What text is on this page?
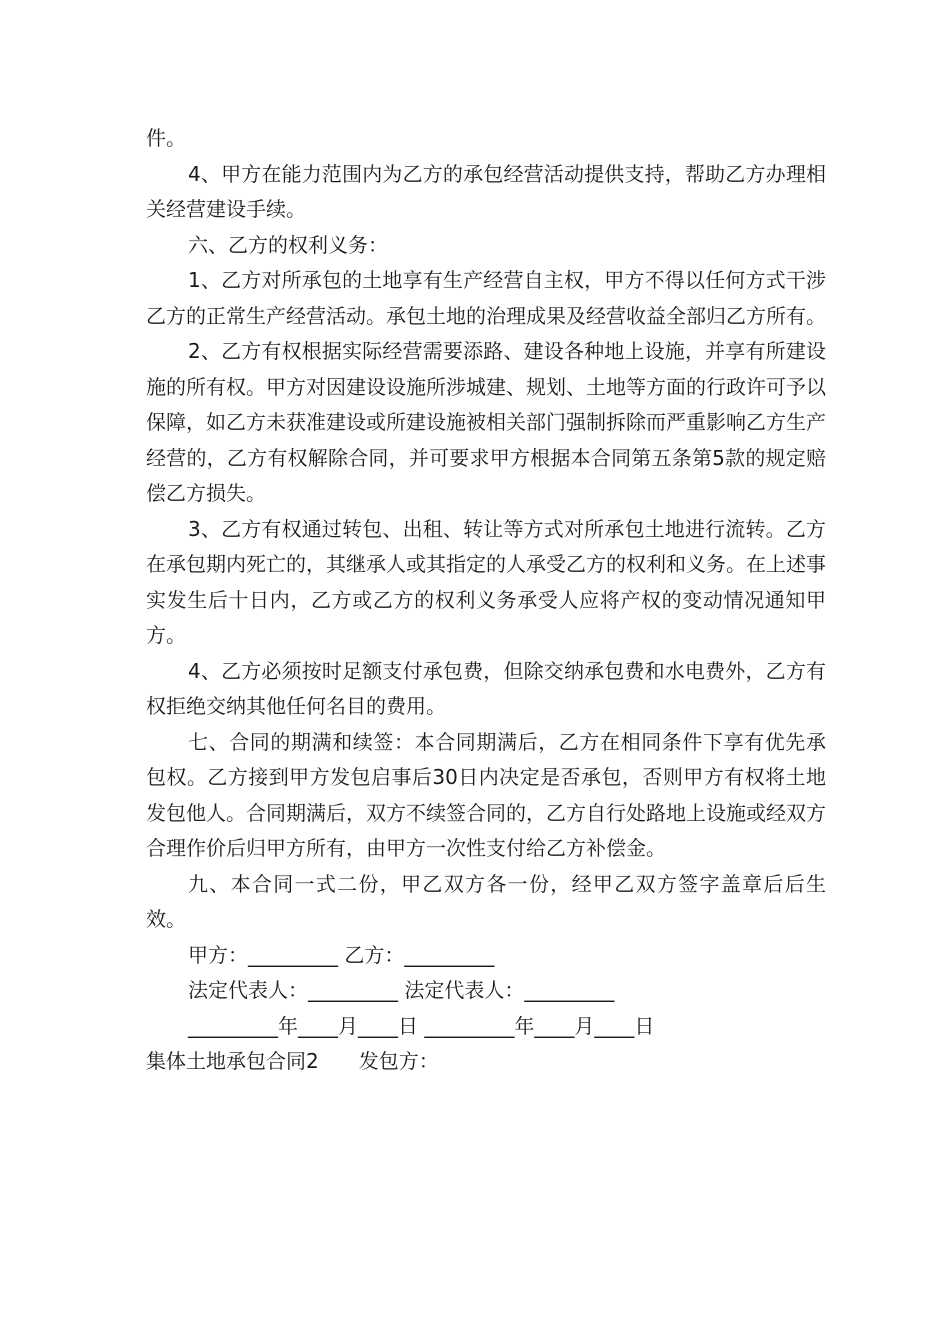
件。

4、甲方在能力范围内为乙方的承包经营活动提供支持，帮助乙方办理相关经营建设手续。

六、乙方的权利义务：

1、乙方对所承包的土地享有生产经营自主权，甲方不得以任何方式干涉乙方的正常生产经营活动。承包土地的治理成果及经营收益全部归乙方所有。

2、乙方有权根据实际经营需要添路、建设各种地上设施，并享有所建设施的所有权。甲方对因建设设施所涉城建、规划、土地等方面的行政许可予以保障，如乙方未获准建设或所建设施被相关部门强制拆除而严重影响乙方生产经营的，乙方有权解除合同，并可要求甲方根据本合同第五条第5款的规定赔偿乙方损失。

3、乙方有权通过转包、出租、转让等方式对所承包土地进行流转。乙方在承包期内死亡的，其继承人或其指定的人承受乙方的权利和义务。在上述事实发生后十日内，乙方或乙方的权利义务承受人应将产权的变动情况通知甲方。

4、乙方必须按时足额支付承包费，但除交纳承包费和水电费外，乙方有权拒绝交纳其他任何名目的费用。

七、合同的期满和续签：本合同期满后，乙方在相同条件下享有优先承包权。乙方接到甲方发包启事后30日内决定是否承包，否则甲方有权将土地发包他人。合同期满后，双方不续签合同的，乙方自行处路地上设施或经双方合理作价后归甲方所有，由甲方一次性支付给乙方补偿金。

九、本合同一式二份，甲乙双方各一份，经甲乙双方签字盖章后后生效。

甲方：_________ 乙方：_________

法定代表人：_________ 法定代表人：_________

_________年____月____日 _________年____月____日

集体土地承包合同2　　发包方：
